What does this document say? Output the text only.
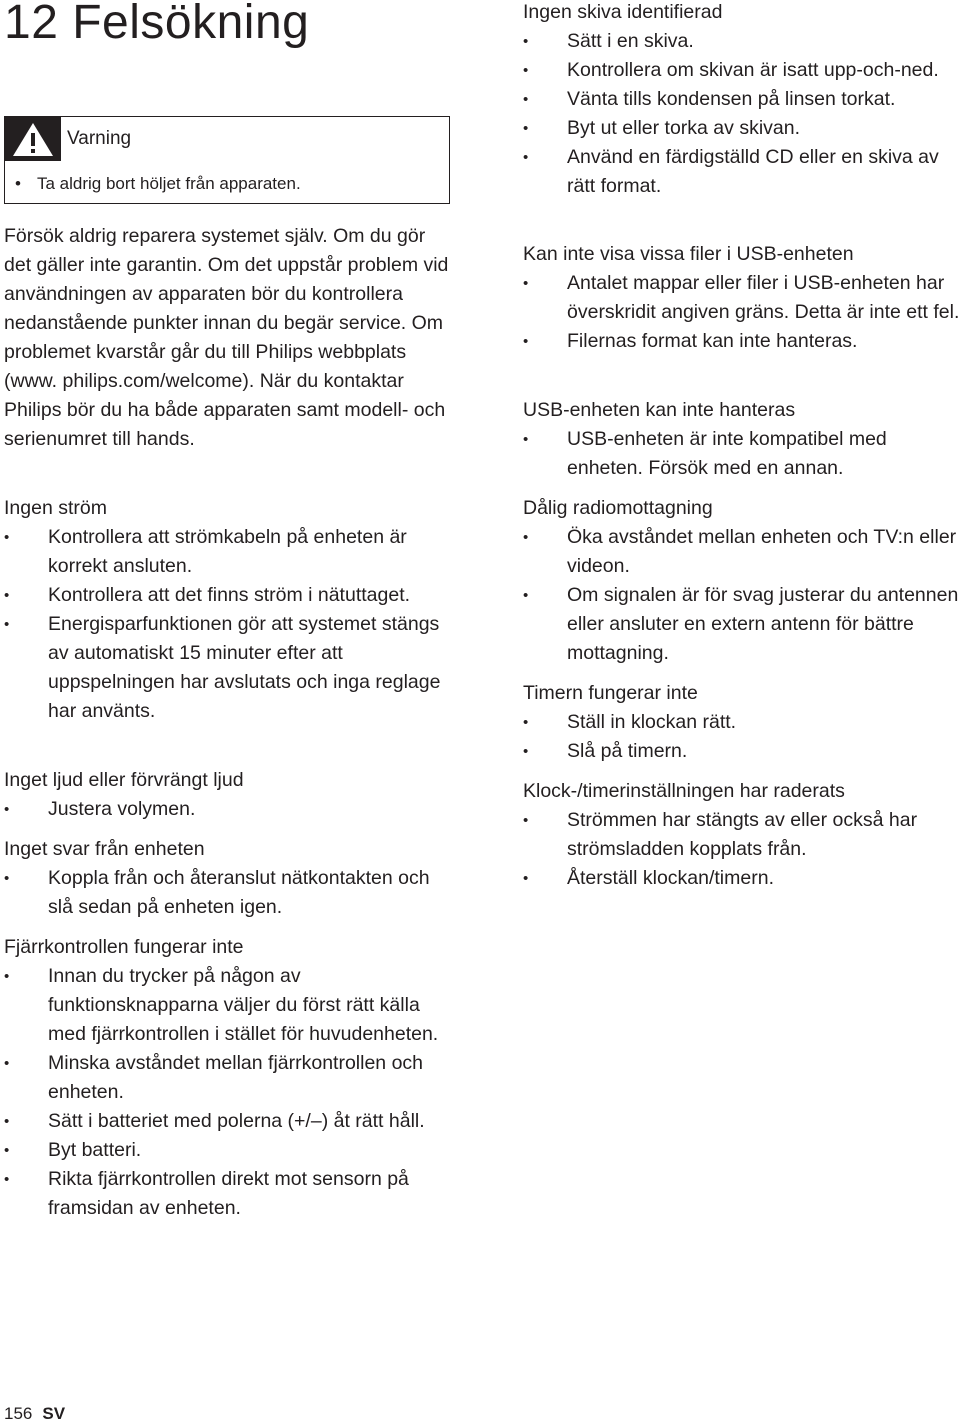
12 Felsökning
Varning
• Ta aldrig bort höljet från apparaten.

Försök aldrig reparera systemet själv. Om du gör det gäller inte garantin. Om det uppstår problem vid användningen av apparaten bör du kontrollera nedanstående punkter innan du begär service. Om problemet kvarstår går du till Philips webbplats (www. philips.com/welcome). När du kontaktar Philips bör du ha både apparaten samt modell- och serienumret till hands.

Ingen ström
• Kontrollera att strömkabeln på enheten är korrekt ansluten.
• Kontrollera att det finns ström i nätuttaget.
• Energisparfunktionen gör att systemet stängs av automatiskt 15 minuter efter att uppspelningen har avslutats och inga reglage har använts.
Inget ljud eller förvrängt ljud
• Justera volymen.
Inget svar från enheten
• Koppla från och återanslut nätkontakten och slå sedan på enheten igen.
Fjärrkontrollen fungerar inte
• Innan du trycker på någon av funktionsknapparna väljer du först rätt källa med fjärrkontrollen i stället för huvudenheten.
• Minska avståndet mellan fjärrkontrollen och enheten.
• Sätt i batteriet med polerna (+/–) åt rätt håll.
• Byt batteri.
• Rikta fjärrkontrollen direkt mot sensorn på framsidan av enheten.
Ingen skiva identifierad
• Sätt i en skiva.
• Kontrollera om skivan är isatt upp-och-ned.
• Vänta tills kondensen på linsen torkat.
• Byt ut eller torka av skivan.
• Använd en färdigställd CD eller en skiva av rätt format.
Kan inte visa vissa filer i USB-enheten
• Antalet mappar eller filer i USB-enheten har överskridit angiven gräns. Detta är inte ett fel.
• Filernas format kan inte hanteras.
USB-enheten kan inte hanteras
• USB-enheten är inte kompatibel med enheten. Försök med en annan.
Dålig radiomottagning
• Öka avståndet mellan enheten och TV:n eller videon.
• Om signalen är för svag justerar du antennen eller ansluter en extern antenn för bättre mottagning.
Timern fungerar inte
• Ställ in klockan rätt.
• Slå på timern.
Klock-/timerinställningen har raderats
• Strömmen har stängts av eller också har strömsladden kopplats från.
• Återställ klockan/timern.
156 SV
